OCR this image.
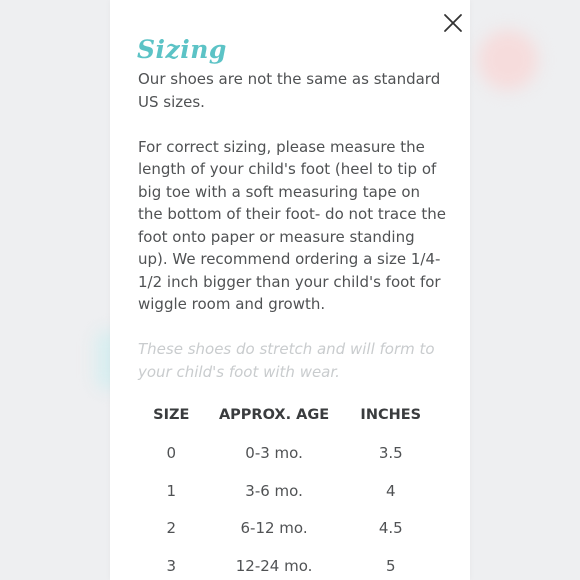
Sizing

Our shoes are not the same as standard US sizes.

For correct sizing, please measure the length of your child's foot (heel to tip of big toe with a soft measuring tape on the bottom of their foot- do not trace the foot onto paper or measure standing up). We recommend ordering a size 1/4-1/2 inch bigger than your child's foot for wiggle room and growth.

These shoes do stretch and will form to your child's foot with wear.

SIZE	APPROX. AGE	INCHES
0	0-3 mo.	3.5
1	3-6 mo.	4
2	6-12 mo.	4.5
3	12-24 mo.	5
